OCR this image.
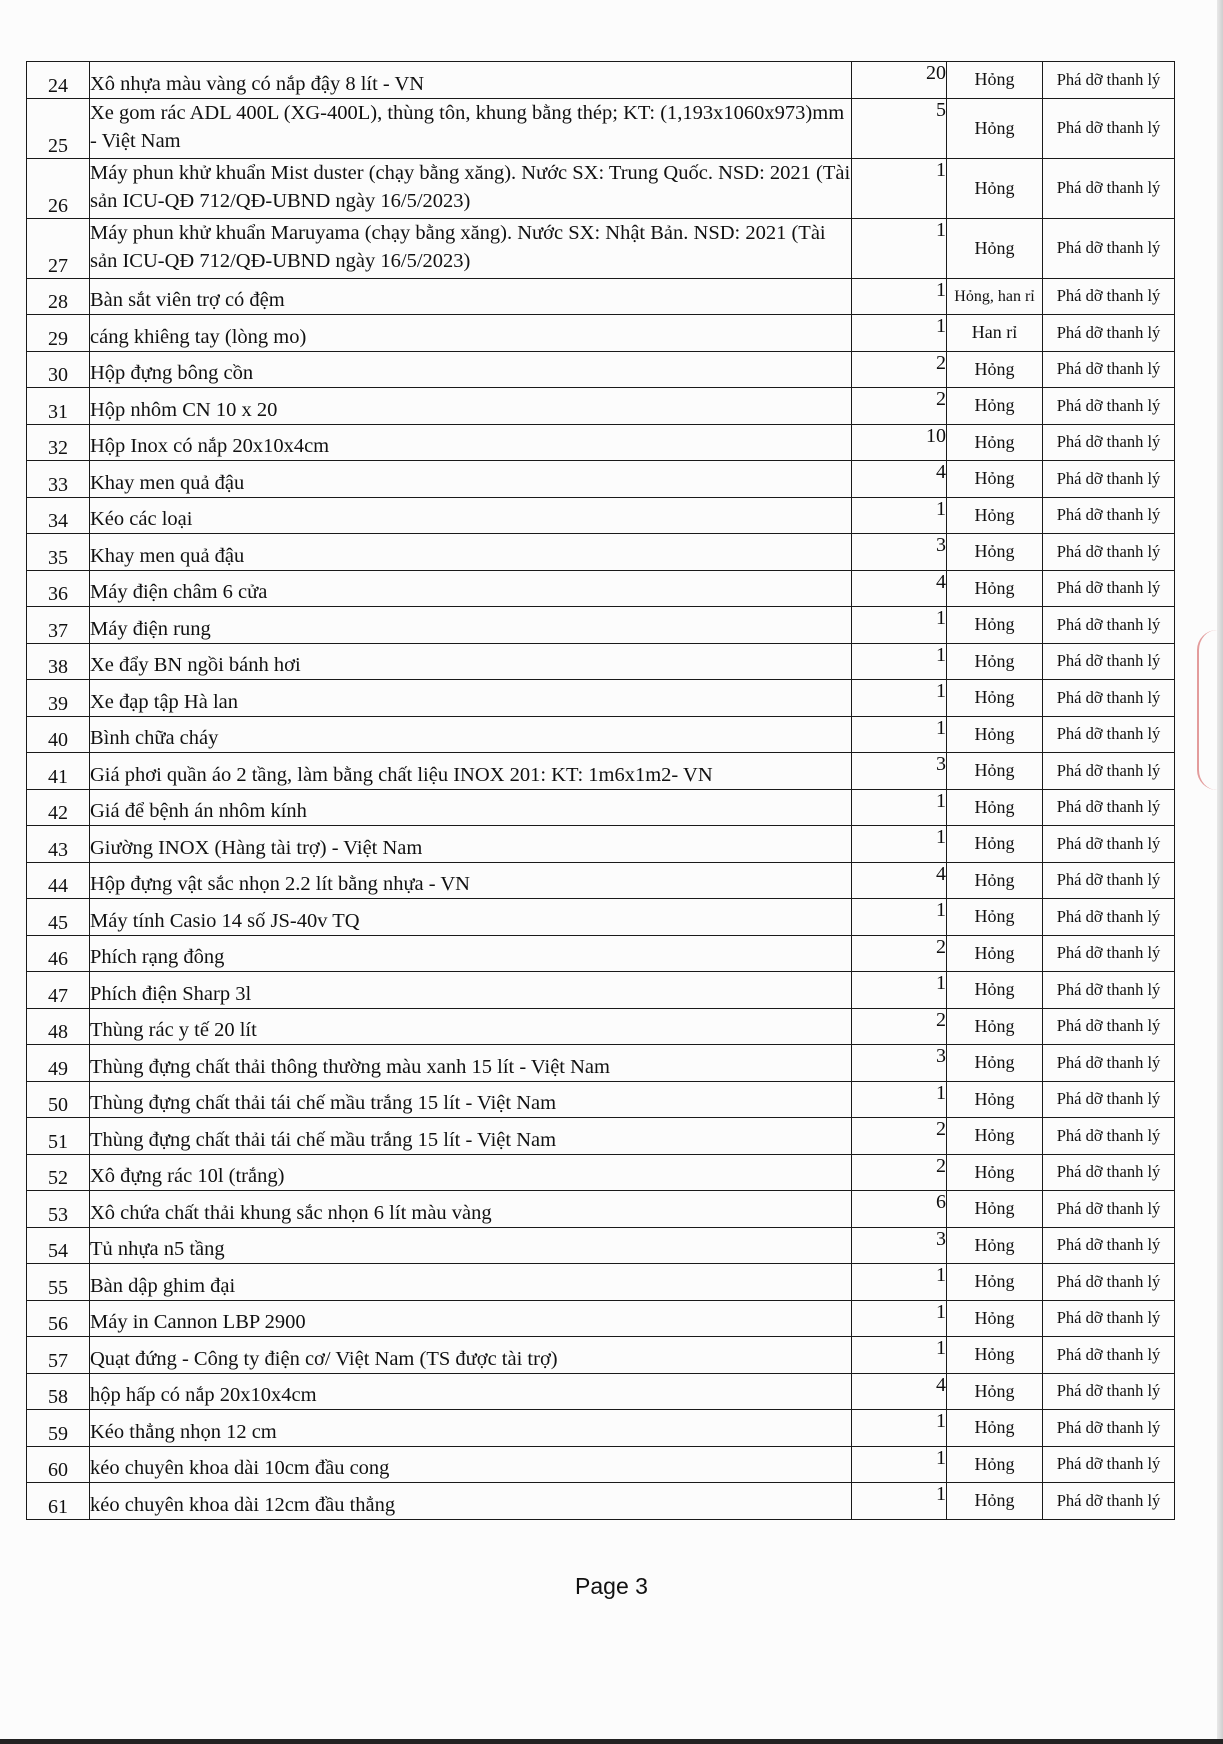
24	Xô nhựa màu vàng có nắp đậy 8 lít - VN	20	Hỏng	Phá dỡ thanh lý
25	Xe gom rác ADL 400L (XG-400L), thùng tôn, khung bằng thép; KT: (1,193x1060x973)mm - Việt Nam	5	Hỏng	Phá dỡ thanh lý
26	Máy phun khử khuẩn Mist duster (chạy bằng xăng). Nước SX: Trung Quốc. NSD: 2021 (Tài sản ICU-QĐ 712/QĐ-UBND ngày 16/5/2023)	1	Hỏng	Phá dỡ thanh lý
27	Máy phun khử khuẩn Maruyama (chạy bằng xăng). Nước SX: Nhật Bản. NSD: 2021 (Tài sản ICU-QĐ 712/QĐ-UBND ngày 16/5/2023)	1	Hỏng	Phá dỡ thanh lý
28	Bàn sắt viên trợ có đệm	1	Hỏng, han rỉ	Phá dỡ thanh lý
29	cáng khiêng tay (lòng mo)	1	Han rỉ	Phá dỡ thanh lý
30	Hộp đựng bông cồn	2	Hỏng	Phá dỡ thanh lý
31	Hộp nhôm CN 10 x 20	2	Hỏng	Phá dỡ thanh lý
32	Hộp Inox có nắp 20x10x4cm	10	Hỏng	Phá dỡ thanh lý
33	Khay men quả đậu	4	Hỏng	Phá dỡ thanh lý
34	Kéo các loại	1	Hỏng	Phá dỡ thanh lý
35	Khay men quả đậu	3	Hỏng	Phá dỡ thanh lý
36	Máy điện châm 6 cửa	4	Hỏng	Phá dỡ thanh lý
37	Máy điện rung	1	Hỏng	Phá dỡ thanh lý
38	Xe đẩy BN ngồi bánh hơi	1	Hỏng	Phá dỡ thanh lý
39	Xe đạp tập Hà lan	1	Hỏng	Phá dỡ thanh lý
40	Bình chữa cháy	1	Hỏng	Phá dỡ thanh lý
41	Giá phơi quần áo 2 tầng, làm bằng chất liệu INOX 201: KT: 1m6x1m2- VN	3	Hỏng	Phá dỡ thanh lý
42	Giá để bệnh án nhôm kính	1	Hỏng	Phá dỡ thanh lý
43	Giường INOX (Hàng tài trợ) - Việt Nam	1	Hỏng	Phá dỡ thanh lý
44	Hộp đựng vật sắc nhọn 2.2 lít bằng nhựa - VN	4	Hỏng	Phá dỡ thanh lý
45	Máy tính Casio 14 số JS-40v TQ	1	Hỏng	Phá dỡ thanh lý
46	Phích rạng đông	2	Hỏng	Phá dỡ thanh lý
47	Phích điện Sharp 3l	1	Hỏng	Phá dỡ thanh lý
48	Thùng rác y tế 20 lít	2	Hỏng	Phá dỡ thanh lý
49	Thùng đựng chất thải thông thường màu xanh 15 lít - Việt Nam	3	Hỏng	Phá dỡ thanh lý
50	Thùng đựng chất thải tái chế mầu trắng 15 lít - Việt Nam	1	Hỏng	Phá dỡ thanh lý
51	Thùng đựng chất thải tái chế mầu trắng 15 lít - Việt Nam	2	Hỏng	Phá dỡ thanh lý
52	Xô đựng rác 10l (trắng)	2	Hỏng	Phá dỡ thanh lý
53	Xô chứa chất thải khung sắc nhọn 6 lít màu vàng	6	Hỏng	Phá dỡ thanh lý
54	Tủ nhựa n5 tầng	3	Hỏng	Phá dỡ thanh lý
55	Bàn dập ghim đại	1	Hỏng	Phá dỡ thanh lý
56	Máy in Cannon LBP 2900	1	Hỏng	Phá dỡ thanh lý
57	Quạt đứng - Công ty điện cơ/ Việt Nam (TS được tài trợ)	1	Hỏng	Phá dỡ thanh lý
58	hộp hấp có nắp 20x10x4cm	4	Hỏng	Phá dỡ thanh lý
59	Kéo thẳng nhọn 12 cm	1	Hỏng	Phá dỡ thanh lý
60	kéo chuyên khoa dài 10cm đầu cong	1	Hỏng	Phá dỡ thanh lý
61	kéo chuyên khoa dài 12cm đầu thẳng	1	Hỏng	Phá dỡ thanh lý
Page 3
